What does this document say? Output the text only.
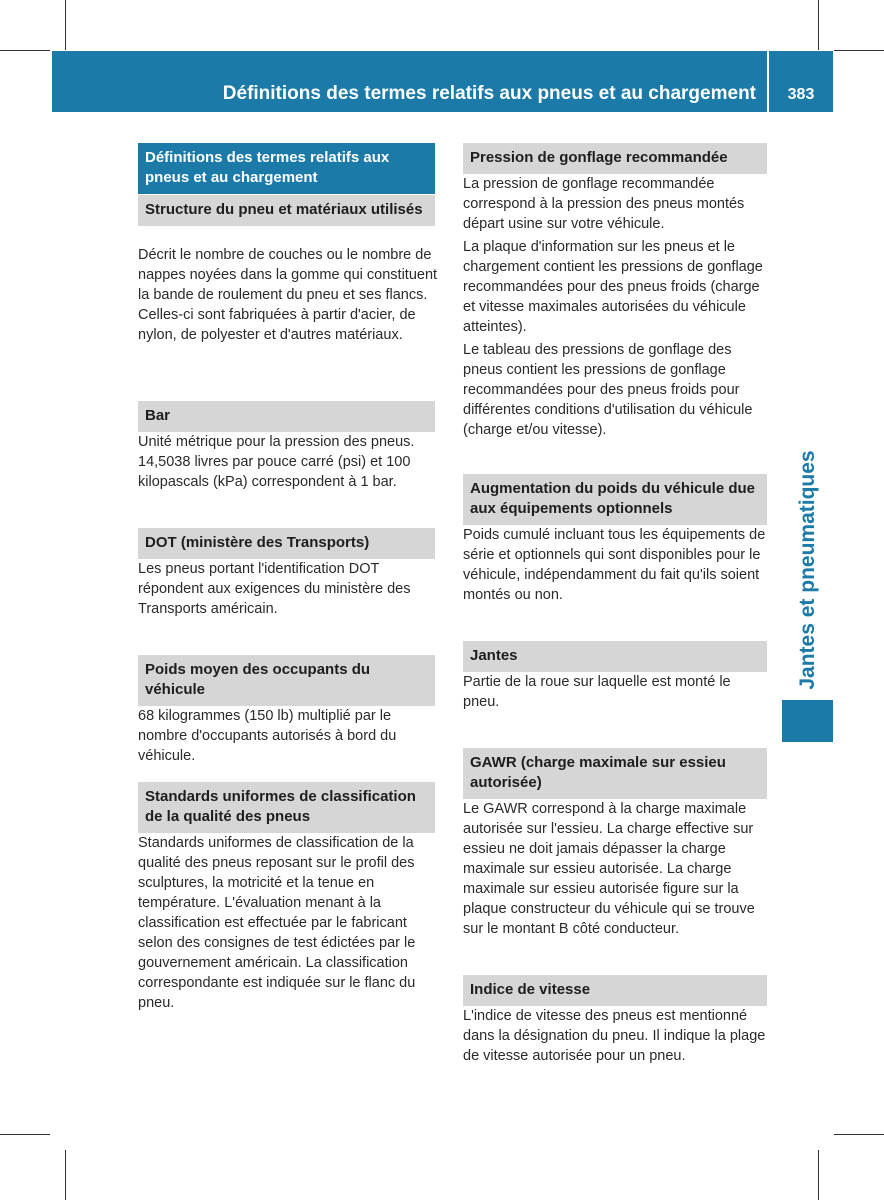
Définitions des termes relatifs aux pneus et au chargement	383
Jantes et pneumatiques
Définitions des termes relatifs aux pneus et au chargement
Structure du pneu et matériaux utilisés
Décrit le nombre de couches ou le nombre de nappes noyées dans la gomme qui constituent la bande de roulement du pneu et ses flancs. Celles-ci sont fabriquées à partir d'acier, de nylon, de polyester et d'autres matériaux.
Bar
Unité métrique pour la pression des pneus. 14,5038 livres par pouce carré (psi) et 100 kilopascals (kPa) correspondent à 1 bar.
DOT (ministère des Transports)
Les pneus portant l'identification DOT répondent aux exigences du ministère des Transports américain.
Poids moyen des occupants du véhicule
68 kilogrammes (150 lb) multiplié par le nombre d'occupants autorisés à bord du véhicule.
Standards uniformes de classification de la qualité des pneus
Standards uniformes de classification de la qualité des pneus reposant sur le profil des sculptures, la motricité et la tenue en température. L'évaluation menant à la classification est effectuée par le fabricant selon des consignes de test édictées par le gouvernement américain. La classification correspondante est indiquée sur le flanc du pneu.
Pression de gonflage recommandée

La pression de gonflage recommandée correspond à la pression des pneus montés départ usine sur votre véhicule.

La plaque d'information sur les pneus et le chargement contient les pressions de gonflage recommandées pour des pneus froids (charge et vitesse maximales autorisées du véhicule atteintes).

Le tableau des pressions de gonflage des pneus contient les pressions de gonflage recommandées pour des pneus froids pour différentes conditions d'utilisation du véhicule (charge et/ou vitesse).

Augmentation du poids du véhicule due aux équipements optionnels
Poids cumulé incluant tous les équipements de série et optionnels qui sont disponibles pour le véhicule, indépendamment du fait qu'ils soient montés ou non.
Jantes
Partie de la roue sur laquelle est monté le pneu.
GAWR (charge maximale sur essieu autorisée)
Le GAWR correspond à la charge maximale autorisée sur l'essieu. La charge effective sur essieu ne doit jamais dépasser la charge maximale sur essieu autorisée. La charge maximale sur essieu autorisée figure sur la plaque constructeur du véhicule qui se trouve sur le montant B côté conducteur.
Indice de vitesse
L'indice de vitesse des pneus est mentionné dans la désignation du pneu. Il indique la plage de vitesse autorisée pour un pneu.
